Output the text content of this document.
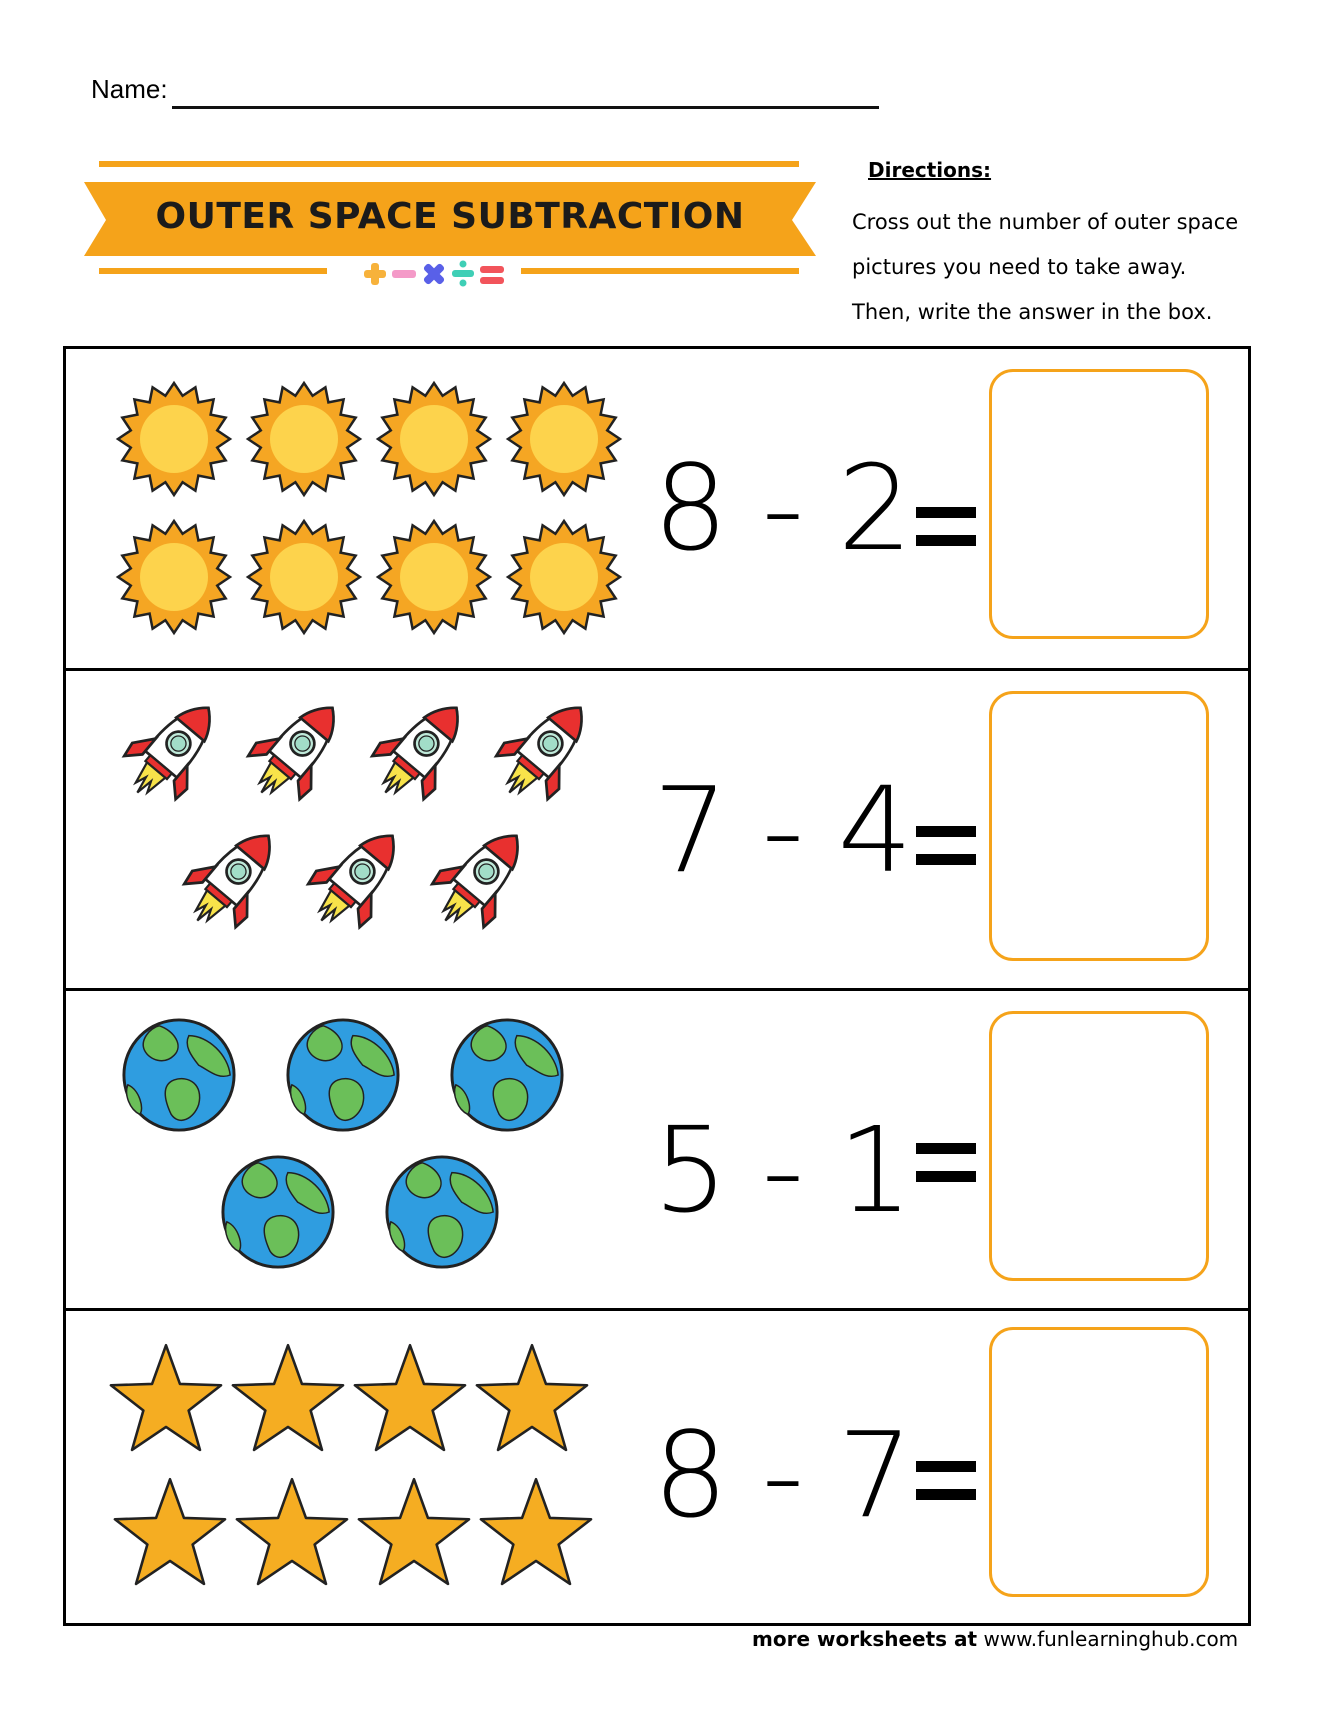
Name:
OUTER SPACE SUBTRACTION
Directions:
Cross out the number of outer space
pictures you need to take away.
Then, write the answer in the box.
8 - 2
7 - 4
5 - 1
8 - 7
more worksheets at www.funlearninghub.com
